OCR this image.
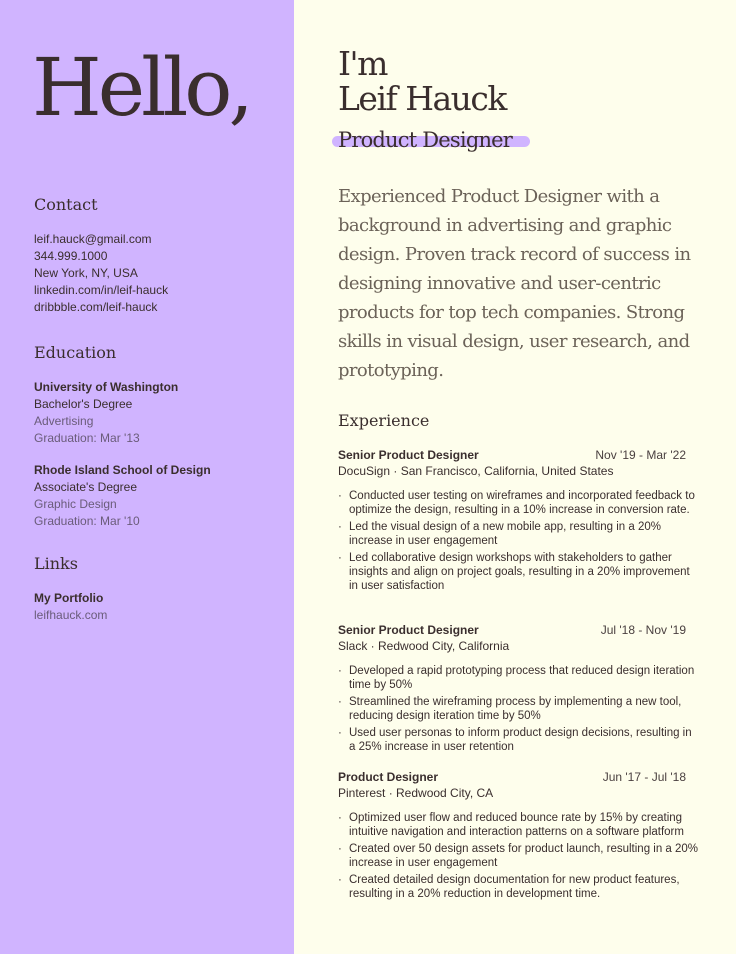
Hello,
Contact
leif.hauck@gmail.com
344.999.1000
New York, NY, USA
linkedin.com/in/leif-hauck
dribbble.com/leif-hauck
Education
University of Washington
Bachelor's Degree
Advertising
Graduation: Mar '13
Rhode Island School of Design
Associate's Degree
Graphic Design
Graduation: Mar '10
Links
My Portfolio
leifhauck.com
I'm
Leif Hauck
Product Designer
Experienced Product Designer with a background in advertising and graphic design. Proven track record of success in designing innovative and user-centric products for top tech companies. Strong skills in visual design, user research, and prototyping.
Experience
Senior Product Designer	Nov '19 - Mar '22
DocuSign · San Francisco, California, United States
· Conducted user testing on wireframes and incorporated feedback to optimize the design, resulting in a 10% increase in conversion rate.
· Led the visual design of a new mobile app, resulting in a 20% increase in user engagement
· Led collaborative design workshops with stakeholders to gather insights and align on project goals, resulting in a 20% improvement in user satisfaction
Senior Product Designer	Jul '18 - Nov '19
Slack · Redwood City, California
· Developed a rapid prototyping process that reduced design iteration time by 50%
· Streamlined the wireframing process by implementing a new tool, reducing design iteration time by 50%
· Used user personas to inform product design decisions, resulting in a 25% increase in user retention
Product Designer	Jun '17 - Jul '18
Pinterest · Redwood City, CA
· Optimized user flow and reduced bounce rate by 15% by creating intuitive navigation and interaction patterns on a software platform
· Created over 50 design assets for product launch, resulting in a 20% increase in user engagement
· Created detailed design documentation for new product features, resulting in a 20% reduction in development time.
